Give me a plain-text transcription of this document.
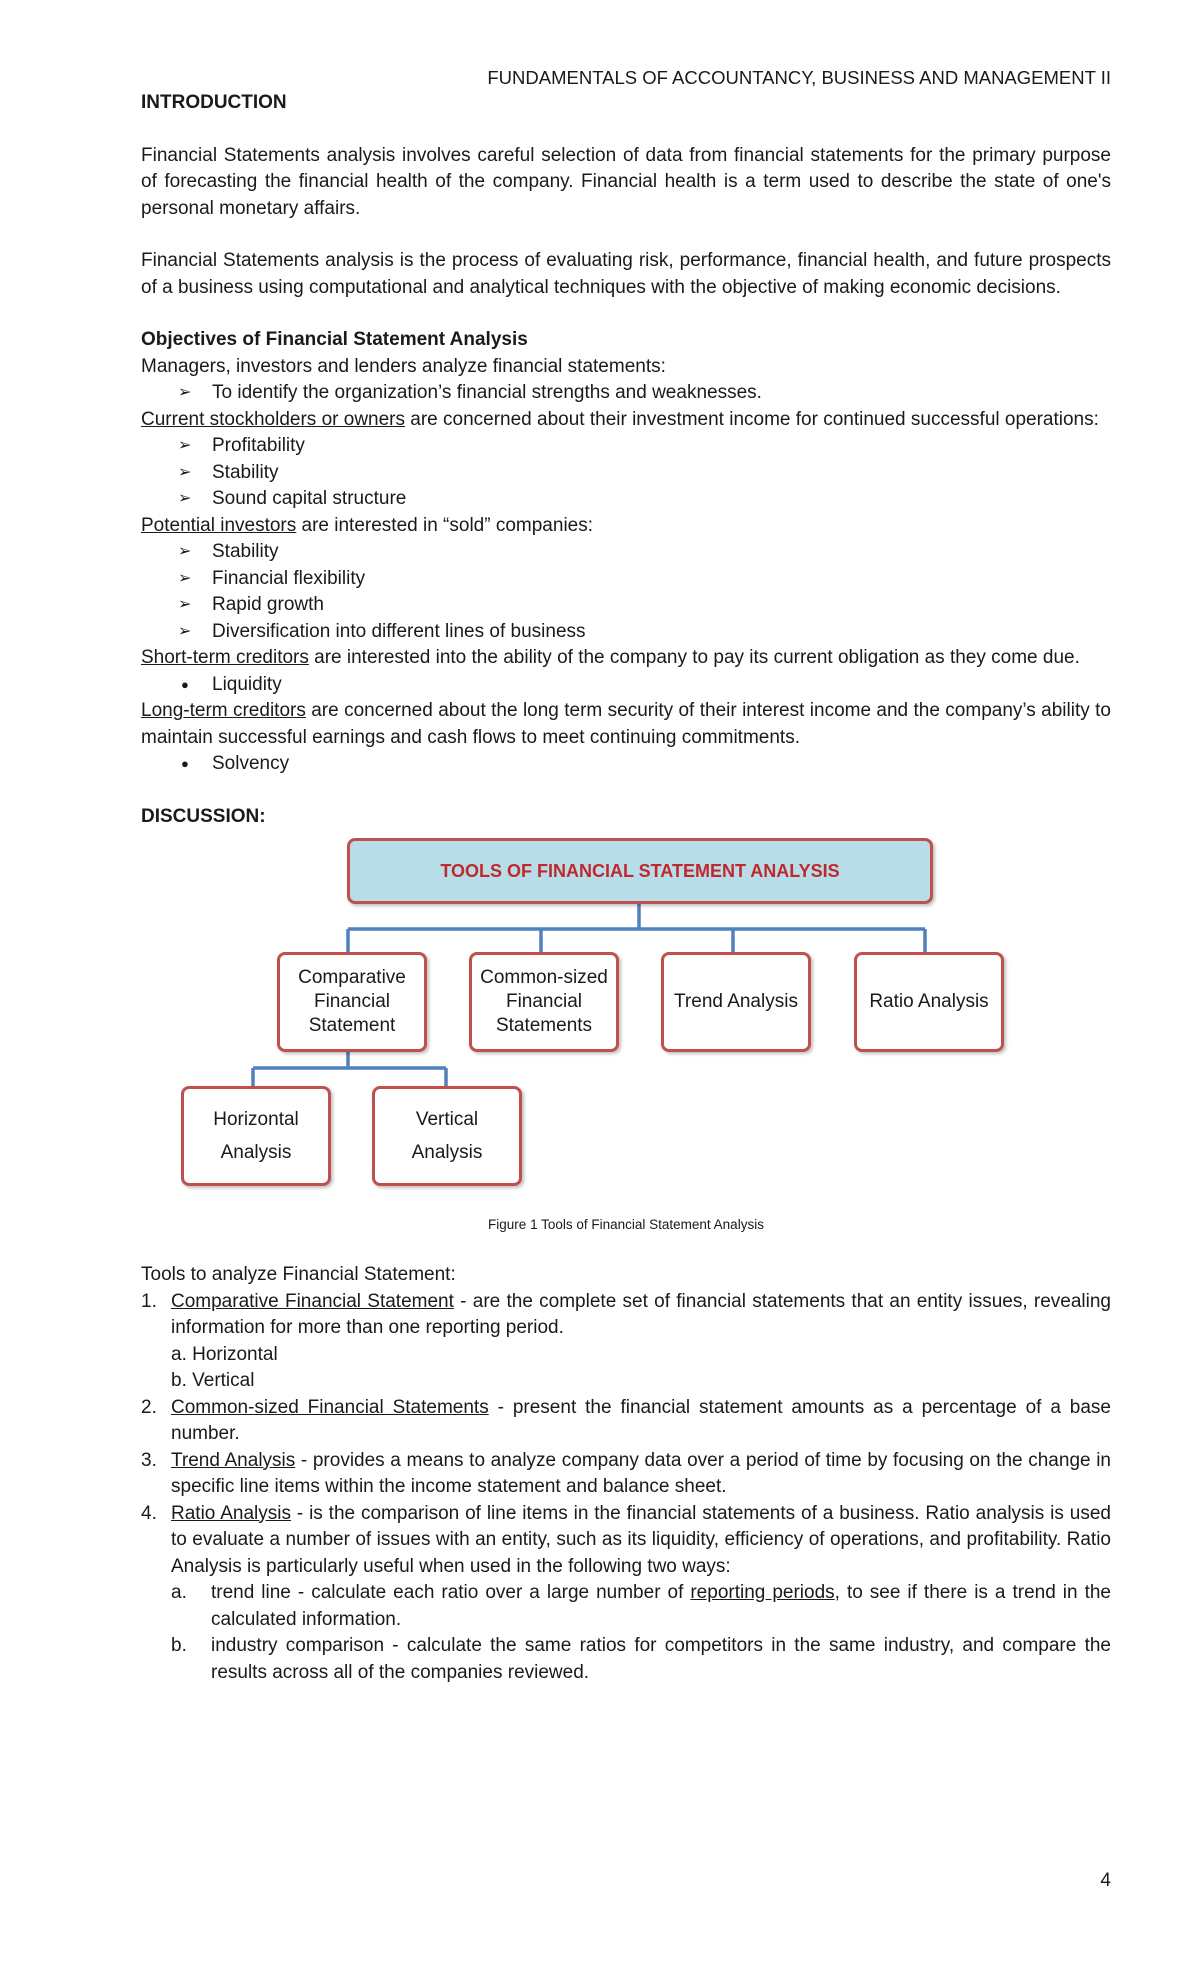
FUNDAMENTALS OF ACCOUNTANCY, BUSINESS AND MANAGEMENT II
INTRODUCTION

Financial Statements analysis involves careful selection of data from financial statements for the primary purpose of forecasting the financial health of the company. Financial health is a term used to describe the state of one's personal monetary affairs.

Financial Statements analysis is the process of evaluating risk, performance, financial health, and future prospects of a business using computational and analytical techniques with the objective of making economic decisions.

Objectives of Financial Statement Analysis

Managers, investors and lenders analyze financial statements:

➢ To identify the organization’s financial strengths and weaknesses.

Current stockholders or owners are concerned about their investment income for continued successful operations:

➢ Profitability
➢ Stability
➢ Sound capital structure

Potential investors are interested in “sold” companies:

➢ Stability
➢ Financial flexibility
➢ Rapid growth
➢ Diversification into different lines of business

Short-term creditors are interested into the ability of the company to pay its current obligation as they come due.

● Liquidity

Long-term creditors are concerned about the long term security of their interest income and the company’s ability to maintain successful earnings and cash flows to meet continuing commitments.

● Solvency
DISCUSSION:
TOOLS OF FINANCIAL STATEMENT ANALYSIS
Comparative Financial Statement
Common-sized Financial Statements
Trend Analysis	Ratio Analysis
Horizontal Analysis
Vertical Analysis
Figure 1 Tools of Financial Statement Analysis

Tools to analyze Financial Statement:

1. Comparative Financial Statement - are the complete set of financial statements that an entity issues, revealing information for more than one reporting period.
a. Horizontal
b. Vertical
2. Common-sized Financial Statements - present the financial statement amounts as a percentage of a base number.
3. Trend Analysis - provides a means to analyze company data over a period of time by focusing on the change in specific line items within the income statement and balance sheet.
4. Ratio Analysis - is the comparison of line items in the financial statements of a business. Ratio analysis is used to evaluate a number of issues with an entity, such as its liquidity, efficiency of operations, and profitability. Ratio Analysis is particularly useful when used in the following two ways:
a. trend line - calculate each ratio over a large number of reporting periods, to see if there is a trend in the calculated information.
b. industry comparison - calculate the same ratios for competitors in the same industry, and compare the results across all of the companies reviewed.
4
